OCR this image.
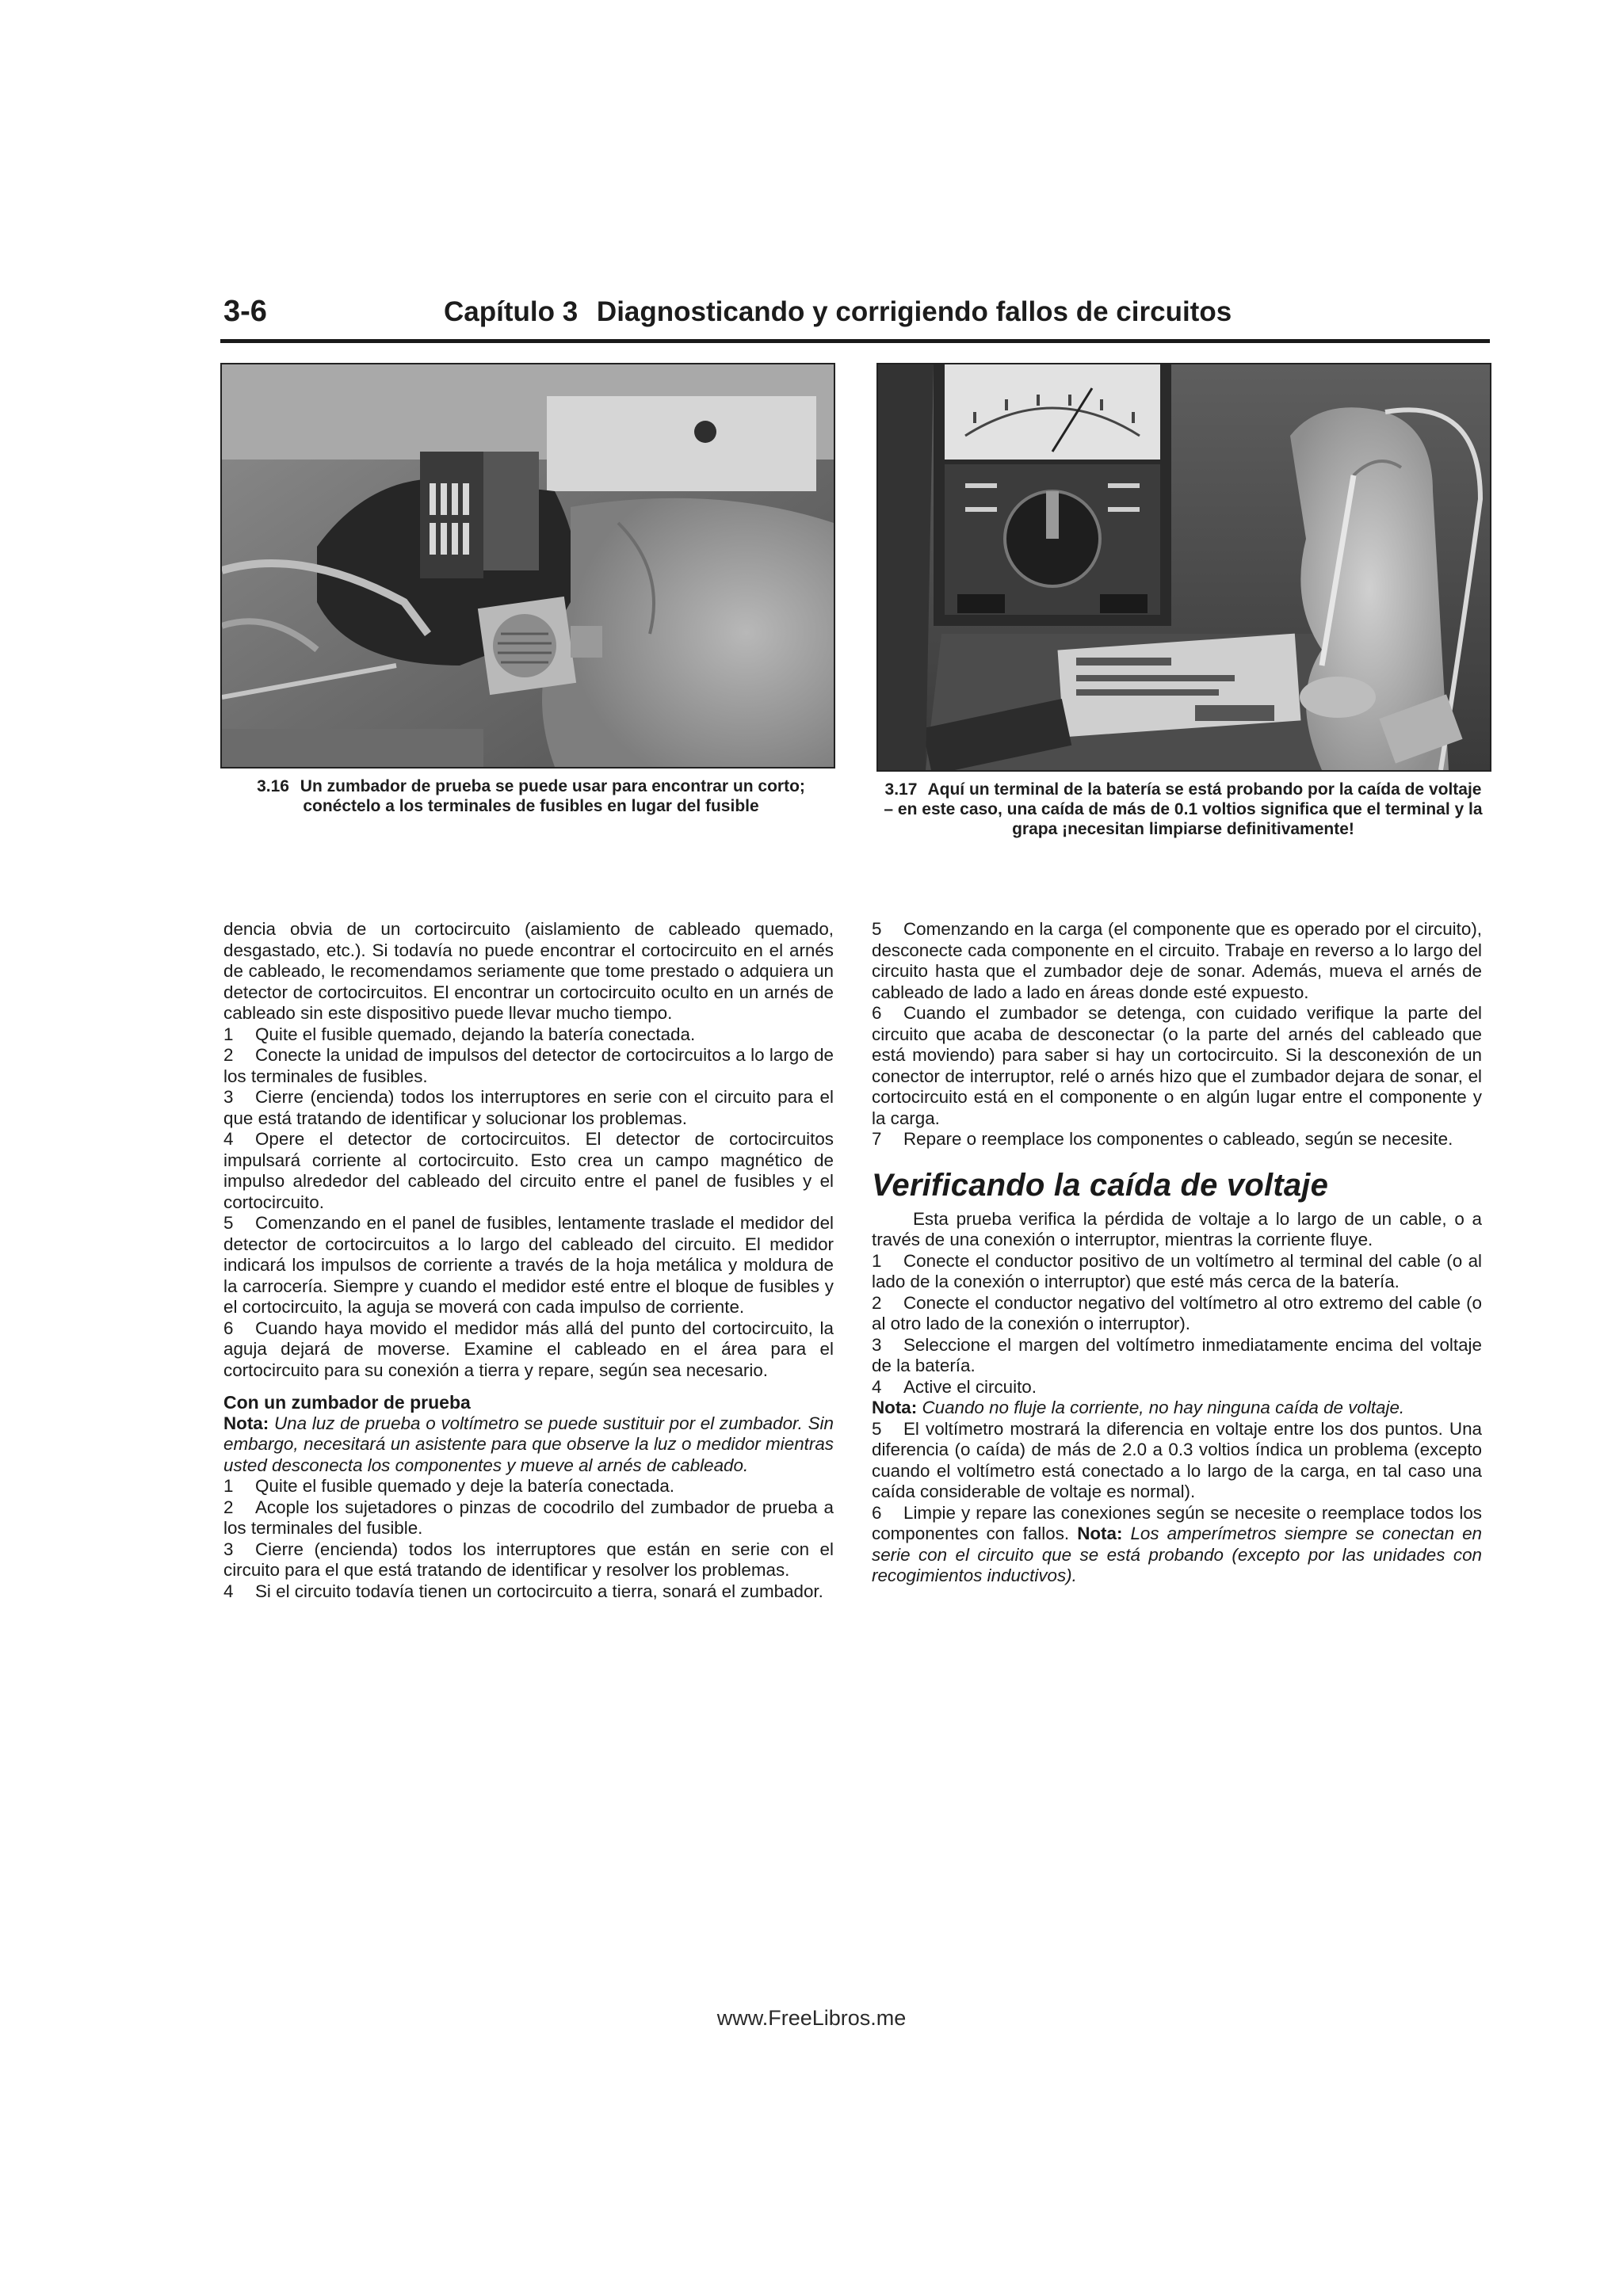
3-6	Capítulo 3 Diagnosticando y corrigiendo fallos de circuitos
3.16 Un zumbador de prueba se puede usar para encontrar un corto; conéctelo a los terminales de fusibles en lugar del fusible
3.17 Aquí un terminal de la batería se está probando por la caída de voltaje – en este caso, una caída de más de 0.1 voltios significa que el terminal y la grapa ¡necesitan limpiarse definitivamente!

dencia obvia de un cortocircuito (aislamiento de cableado quemado, desgastado, etc.). Si todavía no puede encontrar el cortocircuito en el arnés de cableado, le recomendamos seriamente que tome prestado o adquiera un detector de cortocircuitos. El encontrar un cortocircuito oculto en un arnés de cableado sin este dispositivo puede llevar mucho tiempo.

1 Quite el fusible quemado, dejando la batería conectada.

2 Conecte la unidad de impulsos del detector de cortocircuitos a lo largo de los terminales de fusibles.

3 Cierre (encienda) todos los interruptores en serie con el circuito para el que está tratando de identificar y solucionar los problemas.

4 Opere el detector de cortocircuitos. El detector de cortocircuitos impulsará corriente al cortocircuito. Esto crea un campo magnético de impulso alrededor del cableado del circuito entre el panel de fusibles y el cortocircuito.

5 Comenzando en el panel de fusibles, lentamente traslade el medidor del detector de cortocircuitos a lo largo del cableado del circuito. El medidor indicará los impulsos de corriente a través de la hoja metálica y moldura de la carrocería. Siempre y cuando el medidor esté entre el bloque de fusibles y el cortocircuito, la aguja se moverá con cada impulso de corriente.

6 Cuando haya movido el medidor más allá del punto del cortocircuito, la aguja dejará de moverse. Examine el cableado en el área para el cortocircuito para su conexión a tierra y repare, según sea necesario.

Con un zumbador de prueba

Nota: Una luz de prueba o voltímetro se puede sustituir por el zumbador. Sin embargo, necesitará un asistente para que observe la luz o medidor mientras usted desconecta los componentes y mueve al arnés de cableado.

1 Quite el fusible quemado y deje la batería conectada.

2 Acople los sujetadores o pinzas de cocodrilo del zumbador de prueba a los terminales del fusible.

3 Cierre (encienda) todos los interruptores que están en serie con el circuito para el que está tratando de identificar y resolver los problemas.

4 Si el circuito todavía tienen un cortocircuito a tierra, sonará el zumbador.

5 Comenzando en la carga (el componente que es operado por el circuito), desconecte cada componente en el circuito. Trabaje en reverso a lo largo del circuito hasta que el zumbador deje de sonar. Además, mueva el arnés de cableado de lado a lado en áreas donde esté expuesto.

6 Cuando el zumbador se detenga, con cuidado verifique la parte del circuito que acaba de desconectar (o la parte del arnés del cableado que está moviendo) para saber si hay un cortocircuito. Si la desconexión de un conector de interruptor, relé o arnés hizo que el zumbador dejara de sonar, el cortocircuito está en el componente o en algún lugar entre el componente y la carga.

7 Repare o reemplace los componentes o cableado, según se necesite.

Verificando la caída de voltaje

Esta prueba verifica la pérdida de voltaje a lo largo de un cable, o a través de una conexión o interruptor, mientras la corriente fluye.

1 Conecte el conductor positivo de un voltímetro al terminal del cable (o al lado de la conexión o interruptor) que esté más cerca de la batería.

2 Conecte el conductor negativo del voltímetro al otro extremo del cable (o al otro lado de la conexión o interruptor).

3 Seleccione el margen del voltímetro inmediatamente encima del voltaje de la batería.

4 Active el circuito.

Nota: Cuando no fluje la corriente, no hay ninguna caída de voltaje.

5 El voltímetro mostrará la diferencia en voltaje entre los dos puntos. Una diferencia (o caída) de más de 2.0 a 0.3 voltios índica un problema (excepto cuando el voltímetro está conectado a lo largo de la carga, en tal caso una caída considerable de voltaje es normal).

6 Limpie y repare las conexiones según se necesite o reemplace todos los componentes con fallos. Nota: Los amperímetros siempre se conectan en serie con el circuito que se está probando (excepto por las unidades con recogimientos inductivos).

www.FreeLibros.me
